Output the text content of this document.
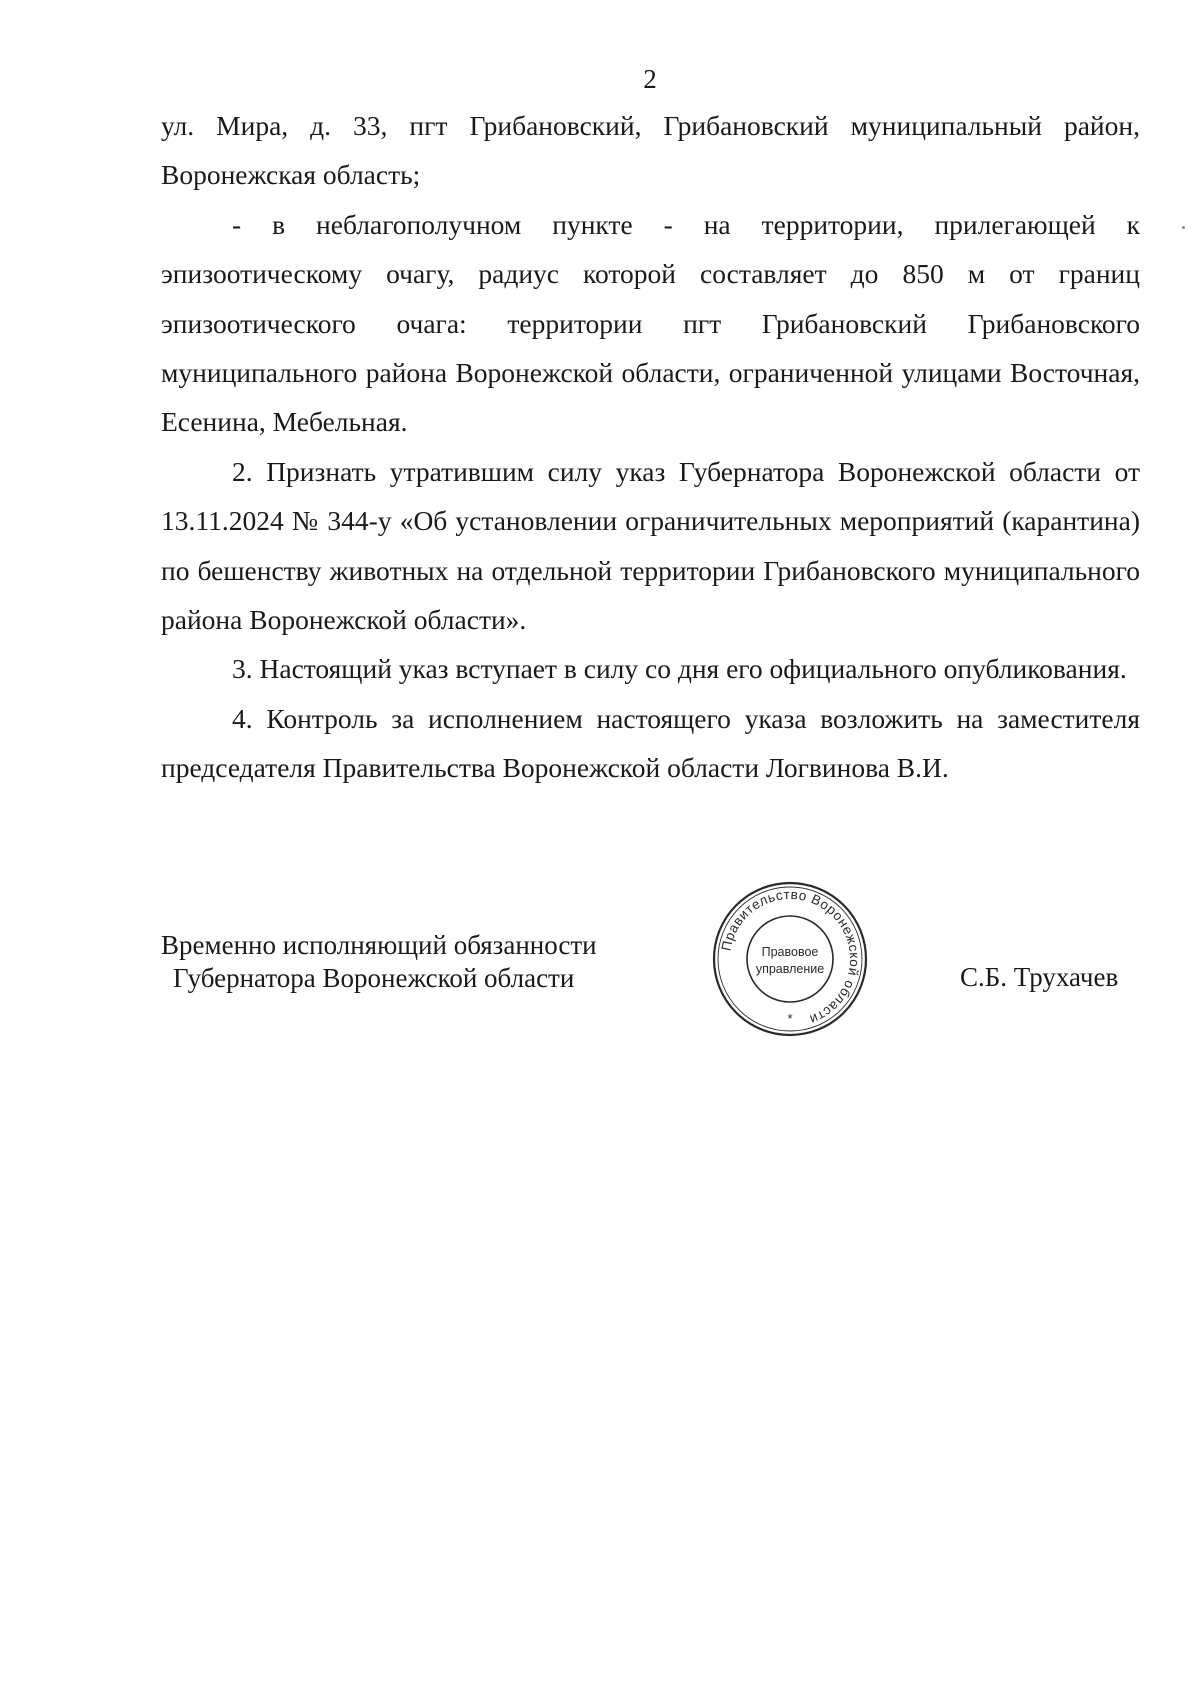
2

ул. Мира, д. 33, пгт Грибановский, Грибановский муниципальный район, Воронежская область;

- в неблагополучном пункте - на территории, прилегающей к эпизоотическому очагу, радиус которой составляет до 850 м от границ эпизоотического очага: территории пгт Грибановский Грибановского муниципального района Воронежской области, ограниченной улицами Восточная, Есенина, Мебельная.

2. Признать утратившим силу указ Губернатора Воронежской области от 13.11.2024 № 344-у «Об установлении ограничительных мероприятий (карантина) по бешенству животных на отдельной территории Грибановского муниципального района Воронежской области».

3. Настоящий указ вступает в силу со дня его официального опубликования.

4. Контроль за исполнением настоящего указа возложить на заместителя председателя Правительства Воронежской области Логвинова В.И.

Временно исполняющий обязанности
Губернатора Воронежской области
Правительство Воронежской области
Правовое
управление
*
С.Б. Трухачев
